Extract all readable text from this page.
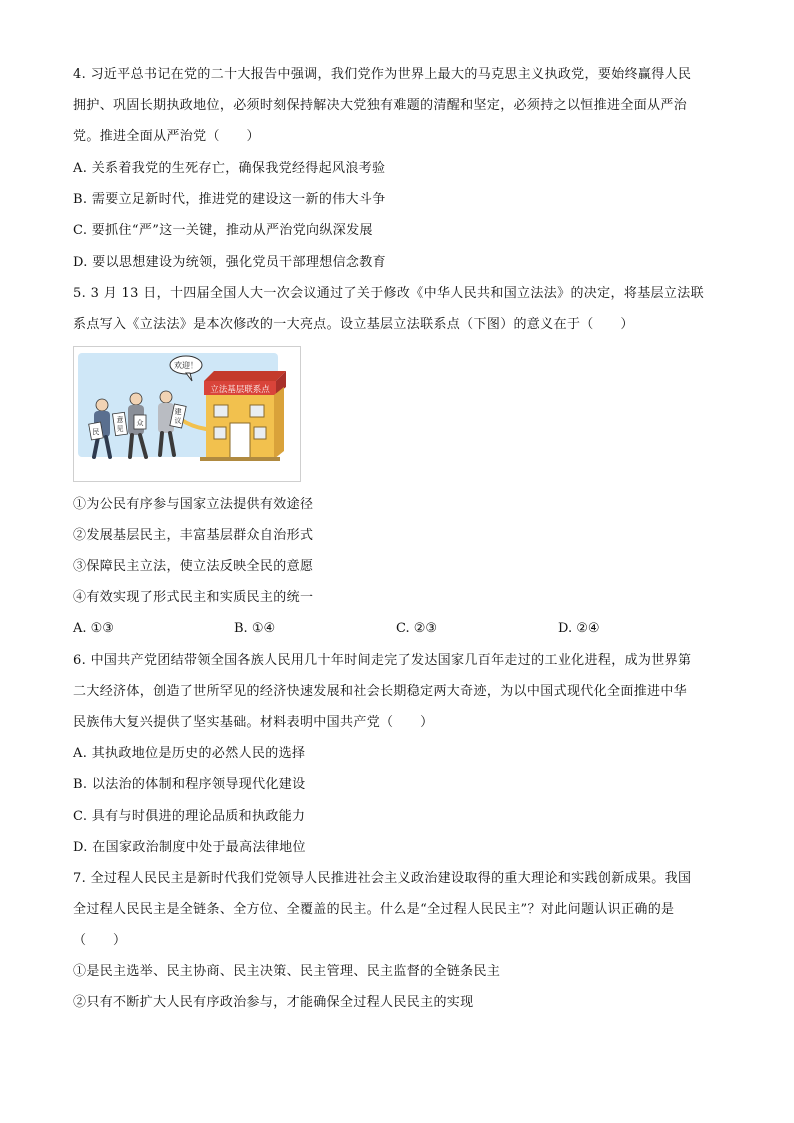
4. 习近平总书记在党的二十大报告中强调，我们党作为世界上最大的马克思主义执政党，要始终赢得人民
拥护、巩固长期执政地位，必须时刻保持解决大党独有难题的清醒和坚定，必须持之以恒推进全面从严治
党。推进全面从严治党（　　）
A. 关系着我党的生死存亡，确保我党经得起风浪考验
B. 需要立足新时代，推进党的建设这一新的伟大斗争
C. 要抓住“严”这一关键，推动从严治党向纵深发展
D. 要以思想建设为统领，强化党员干部理想信念教育
5. 3 月 13 日，十四届全国人大一次会议通过了关于修改《中华人民共和国立法法》的决定，将基层立法联
系点写入《立法法》是本次修改的一大亮点。设立基层立法联系点（下图）的意义在于（　　）
立法基层联系点
欢迎！
民
意
见
众
建
议
①为公民有序参与国家立法提供有效途径
②发展基层民主，丰富基层群众自治形式
③保障民主立法，使立法反映全民的意愿
④有效实现了形式民主和实质民主的统一
A. ①③	B. ①④	C. ②③	D. ②④
6. 中国共产党团结带领全国各族人民用几十年时间走完了发达国家几百年走过的工业化进程，成为世界第
二大经济体，创造了世所罕见的经济快速发展和社会长期稳定两大奇迹，为以中国式现代化全面推进中华
民族伟大复兴提供了坚实基础。材料表明中国共产党（　　）
A. 其执政地位是历史的必然人民的选择
B. 以法治的体制和程序领导现代化建设
C. 具有与时俱进的理论品质和执政能力
D. 在国家政治制度中处于最高法律地位
7. 全过程人民民主是新时代我们党领导人民推进社会主义政治建设取得的重大理论和实践创新成果。我国
全过程人民民主是全链条、全方位、全覆盖的民主。什么是“全过程人民民主”？对此问题认识正确的是
（　　）
①是民主选举、民主协商、民主决策、民主管理、民主监督的全链条民主
②只有不断扩大人民有序政治参与，才能确保全过程人民民主的实现
